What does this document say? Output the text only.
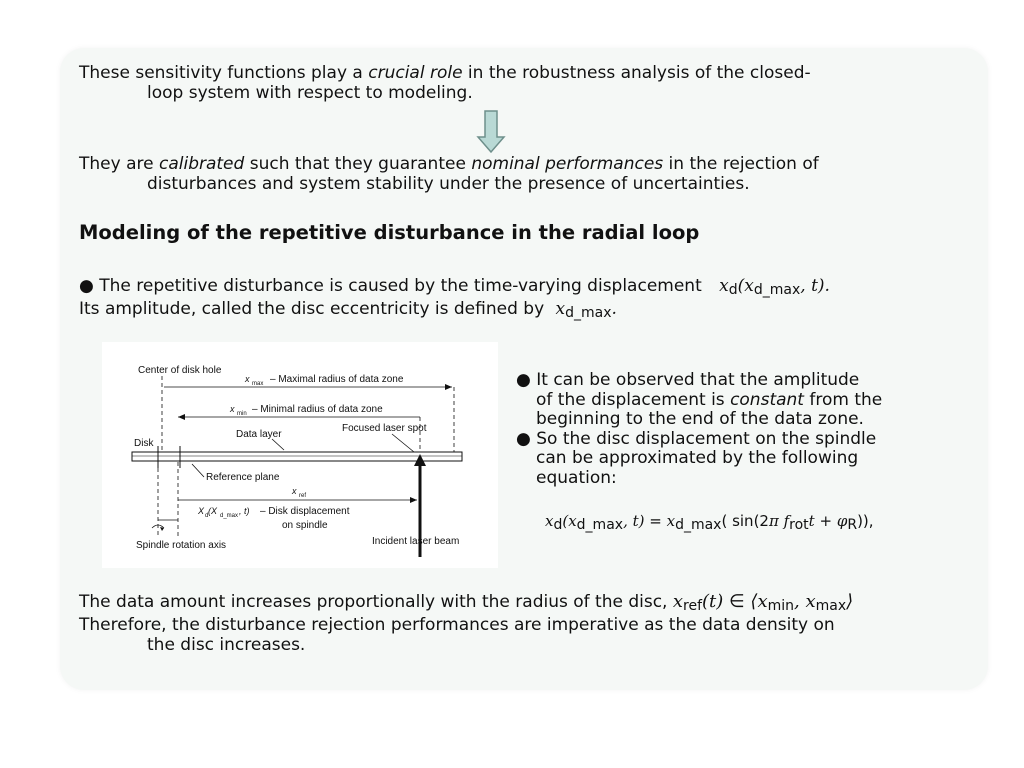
These sensitivity functions play a crucial role in the robustness analysis of the closed-
loop system with respect to modeling.
They are calibrated such that they guarantee nominal performances in the rejection of
disturbances and system stability under the presence of uncertainties.
Modeling of the repetitive disturbance in the radial loop
● The repetitive disturbance is caused by the time-varying displacement $x_d(x_{d\_max}$, t).
Its amplitude, called the disc eccentricity is defined by $x_{d\_max}$.
Center of disk hole
x max – Maximal radius of data zone
x min – Minimal radius of data zone
Data layer
Focused laser spot
Disk
Reference plane
x ref
X d (X d_max , t) – Disk displacement
on spindle
Spindle rotation axis	Incident laser beam
● It can be observed that the amplitude
of the displacement is constant from the
beginning to the end of the data zone.
● So the disc displacement on the spindle
can be approximated by the following
equation:
xd(xd_max, t) = xd_max( sin(2π frott + φR)),
The data amount increases proportionally with the radius of the disc, $x_{ref}(t)$ ∈ $⟨x_{min}$, $x_{max}⟩$
Therefore, the disturbance rejection performances are imperative as the data density on
the disc increases.
